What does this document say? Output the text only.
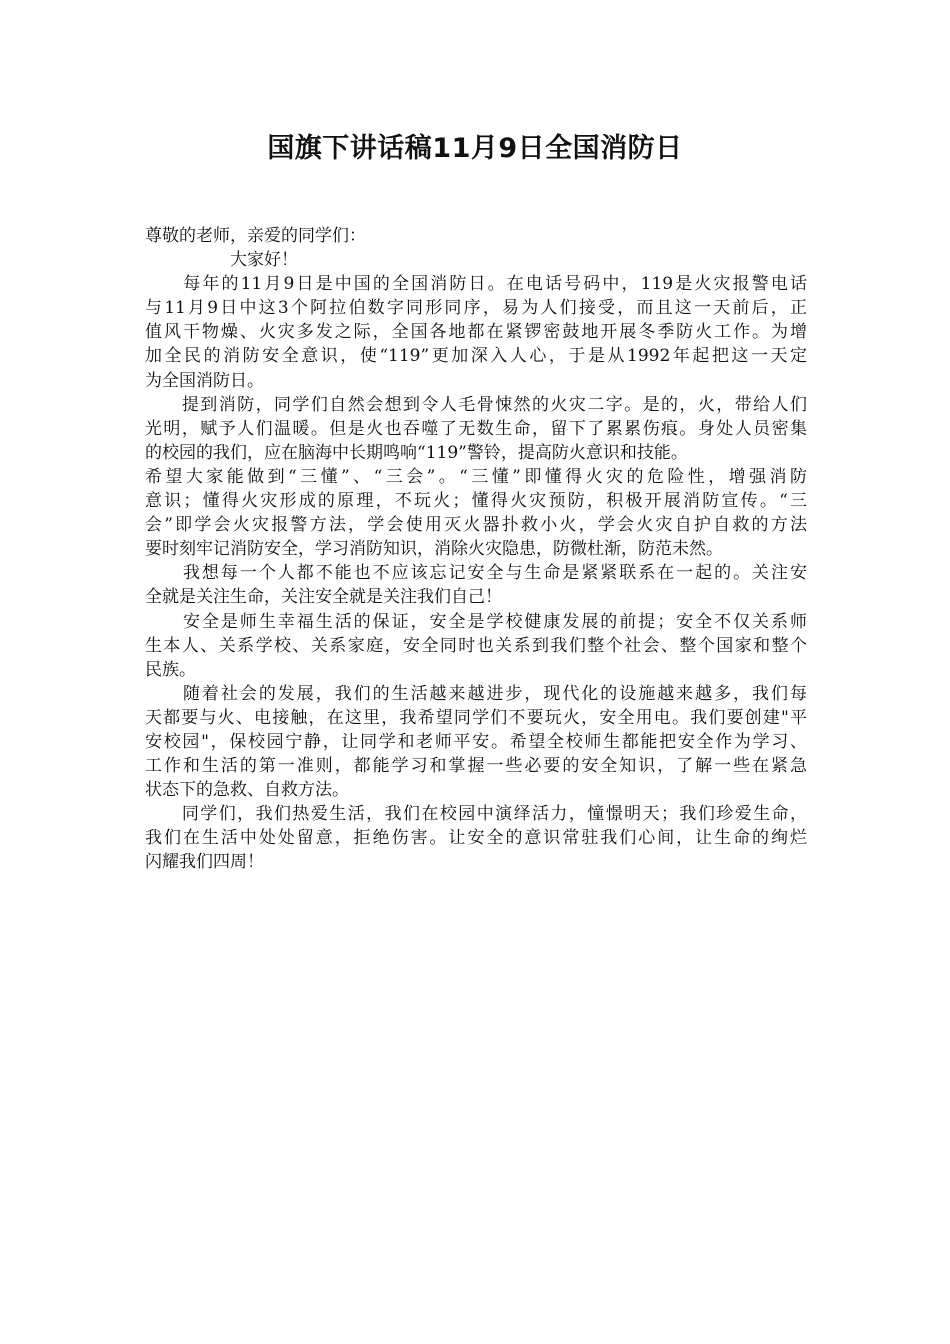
国旗下讲话稿11月9日全国消防日
尊敬的老师，亲爱的同学们：
　　　　　大家好！
　　每年的11月9日是中国的全国消防日。在电话号码中，119是火灾报警电话
与11月9日中这3个阿拉伯数字同形同序，易为人们接受，而且这一天前后，正
值风干物燥、火灾多发之际，全国各地都在紧锣密鼓地开展冬季防火工作。为增
加全民的消防安全意识，使“119”更加深入人心，于是从1992年起把这一天定
为全国消防日。
　　提到消防，同学们自然会想到令人毛骨悚然的火灾二字。是的，火，带给人们
光明，赋予人们温暖。但是火也吞噬了无数生命，留下了累累伤痕。身处人员密集
的校园的我们，应在脑海中长期鸣响“119”警铃，提高防火意识和技能。
希望大家能做到“三懂”、“三会”。“三懂”即懂得火灾的危险性，增强消防
意识；懂得火灾形成的原理，不玩火；懂得火灾预防，积极开展消防宣传。“三
会”即学会火灾报警方法，学会使用灭火器扑救小火，学会火灾自护自救的方法
要时刻牢记消防安全，学习消防知识，消除火灾隐患，防微杜渐，防范未然。
　　我想每一个人都不能也不应该忘记安全与生命是紧紧联系在一起的。关注安
全就是关注生命，关注安全就是关注我们自己！
　　安全是师生幸福生活的保证，安全是学校健康发展的前提；安全不仅关系师
生本人、关系学校、关系家庭，安全同时也关系到我们整个社会、整个国家和整个
民族。
　　随着社会的发展，我们的生活越来越进步，现代化的设施越来越多，我们每
天都要与火、电接触，在这里，我希望同学们不要玩火，安全用电。我们要创建"平
安校园"，保校园宁静，让同学和老师平安。希望全校师生都能把安全作为学习、
工作和生活的第一准则，都能学习和掌握一些必要的安全知识，了解一些在紧急
状态下的急救、自救方法。
　　同学们，我们热爱生活，我们在校园中演绎活力，憧憬明天；我们珍爱生命，
我们在生活中处处留意，拒绝伤害。让安全的意识常驻我们心间，让生命的绚烂
闪耀我们四周！
